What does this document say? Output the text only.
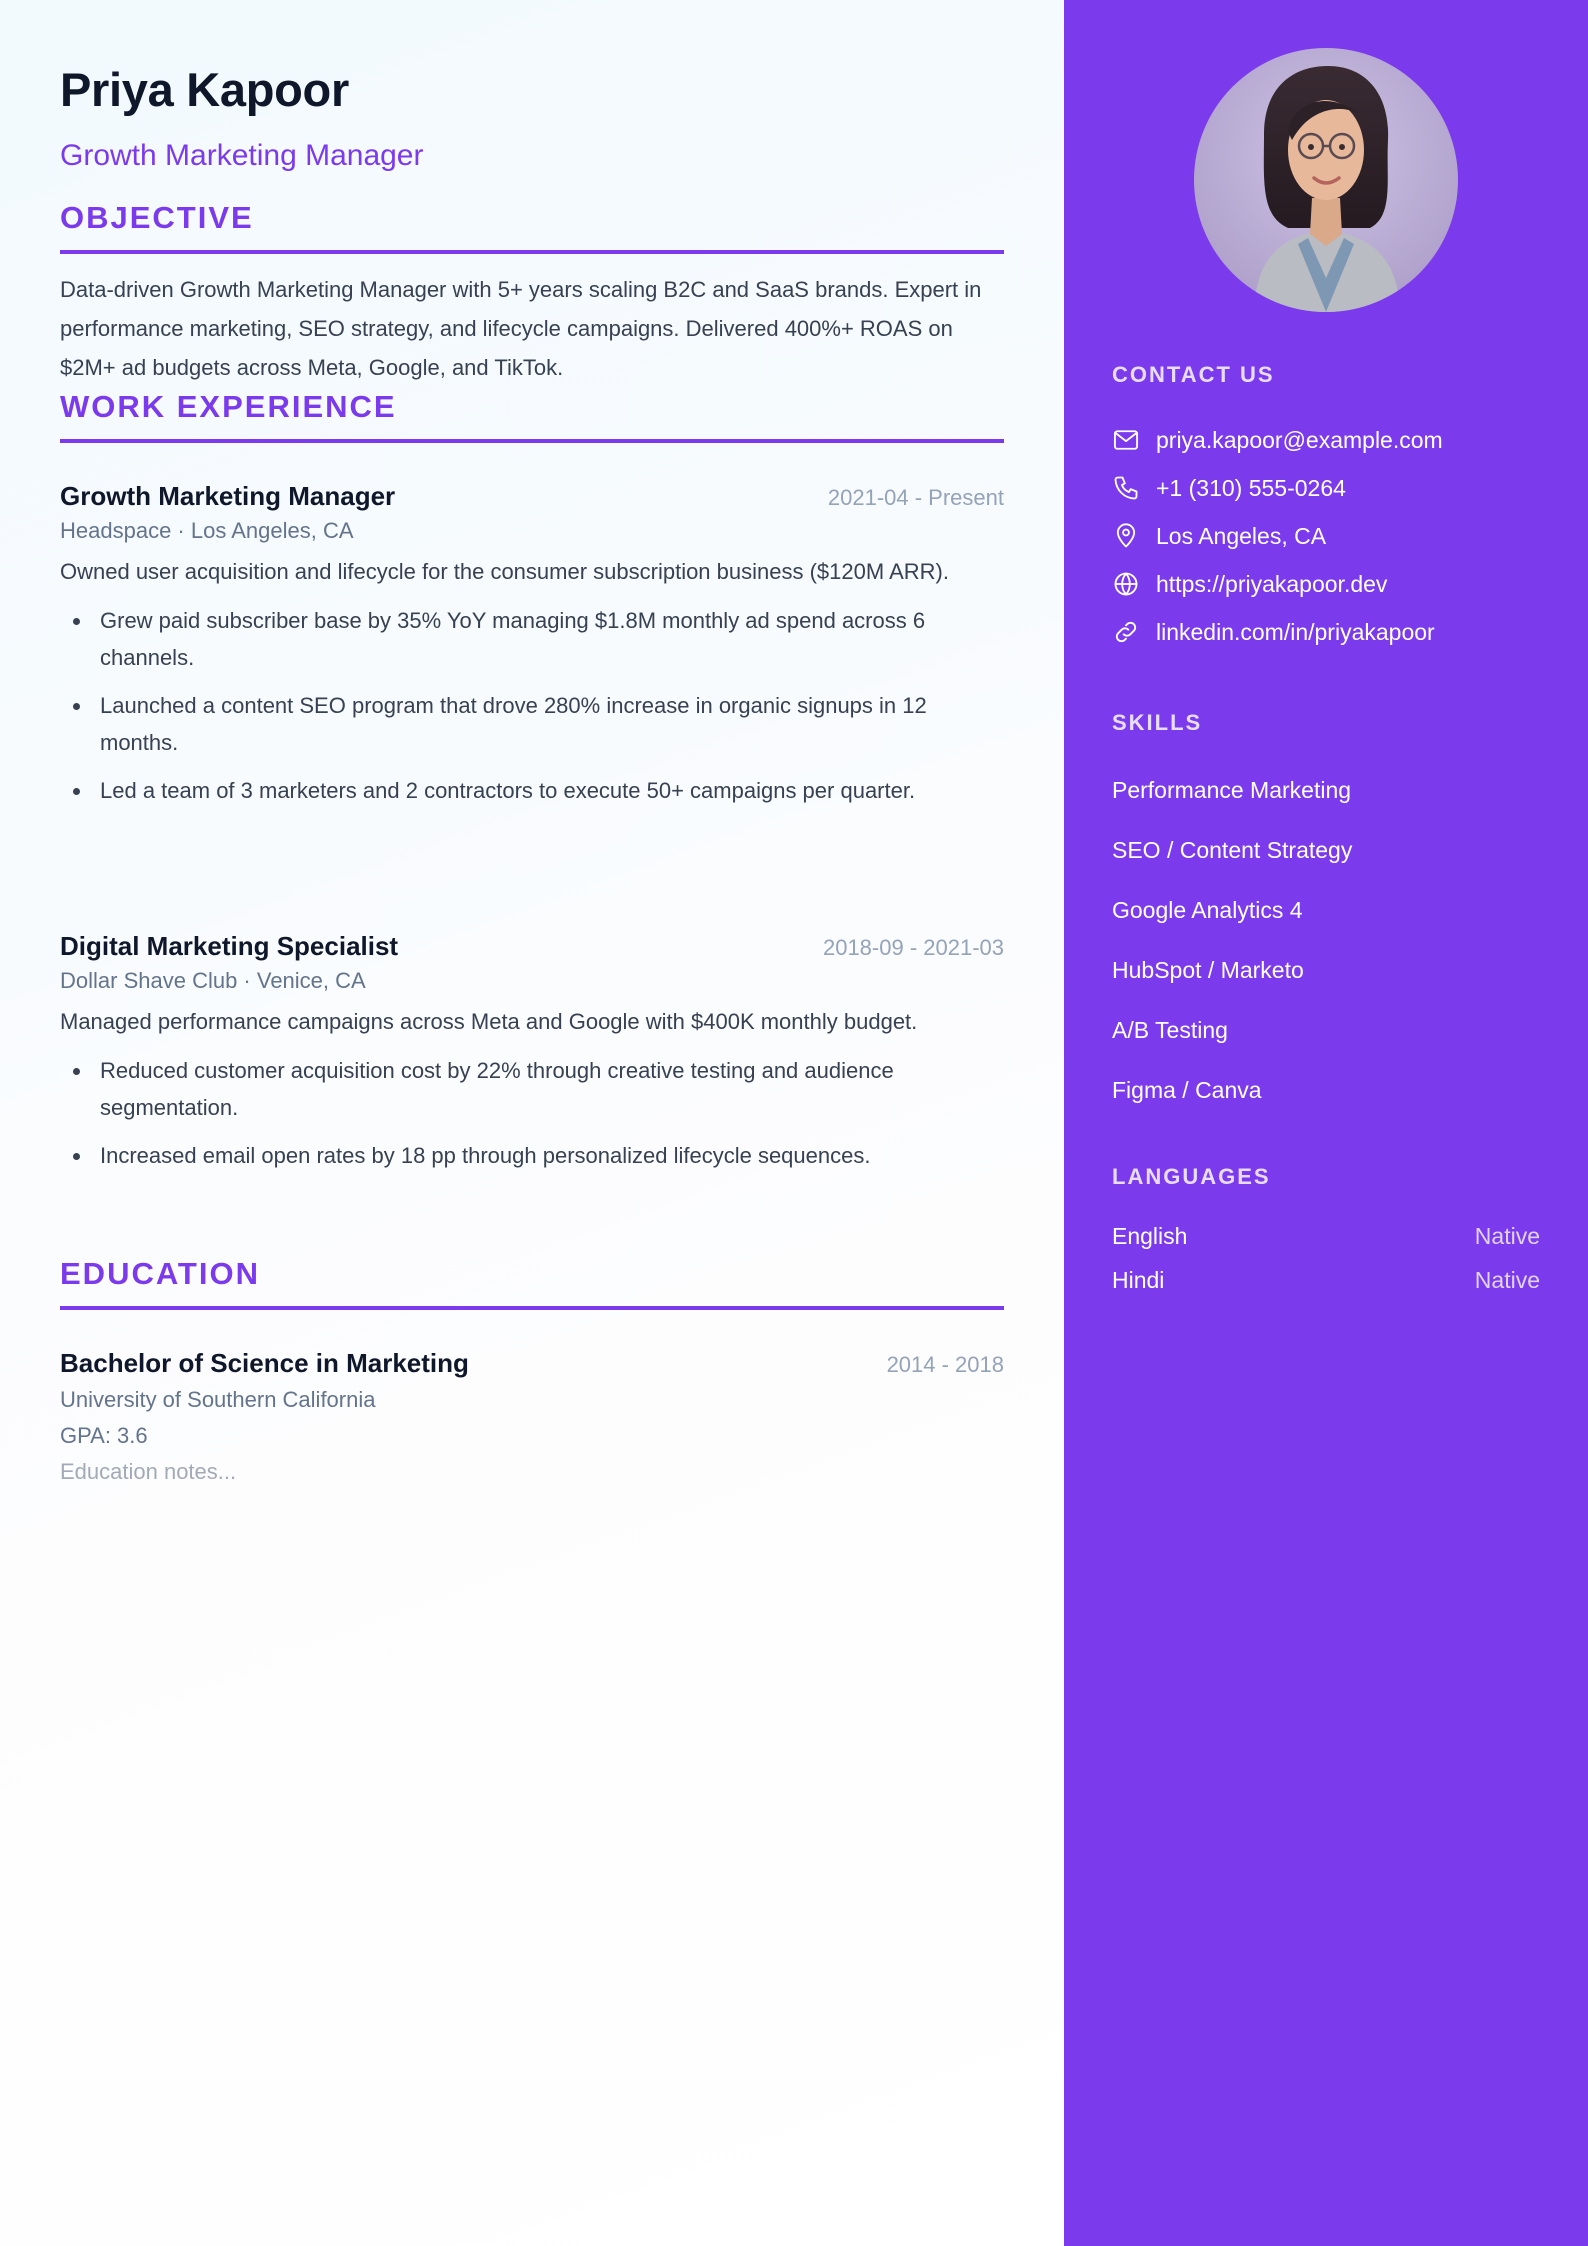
Priya Kapoor
Growth Marketing Manager
OBJECTIVE

Data-driven Growth Marketing Manager with 5+ years scaling B2C and SaaS brands. Expert in performance marketing, SEO strategy, and lifecycle campaigns. Delivered 400%+ ROAS on $2M+ ad budgets across Meta, Google, and TikTok.

WORK EXPERIENCE
Growth Marketing Manager	2021-04 - Present
Headspace · Los Angeles, CA
Owned user acquisition and lifecycle for the consumer subscription business ($120M ARR).
Grew paid subscriber base by 35% YoY managing $1.8M monthly ad spend across 6 channels.
Launched a content SEO program that drove 280% increase in organic signups in 12 months.
Led a team of 3 marketers and 2 contractors to execute 50+ campaigns per quarter.
Digital Marketing Specialist	2018-09 - 2021-03
Dollar Shave Club · Venice, CA
Managed performance campaigns across Meta and Google with $400K monthly budget.
Reduced customer acquisition cost by 22% through creative testing and audience segmentation.
Increased email open rates by 18 pp through personalized lifecycle sequences.
EDUCATION
Bachelor of Science in Marketing	2014 - 2018
University of Southern California
GPA: 3.6
Education notes...
CONTACT US
priya.kapoor@example.com
+1 (310) 555-0264
Los Angeles, CA
https://priyakapoor.dev
linkedin.com/in/priyakapoor
SKILLS
Performance Marketing
SEO / Content Strategy
Google Analytics 4
HubSpot / Marketo
A/B Testing
Figma / Canva
LANGUAGES
English	Native
Hindi	Native
